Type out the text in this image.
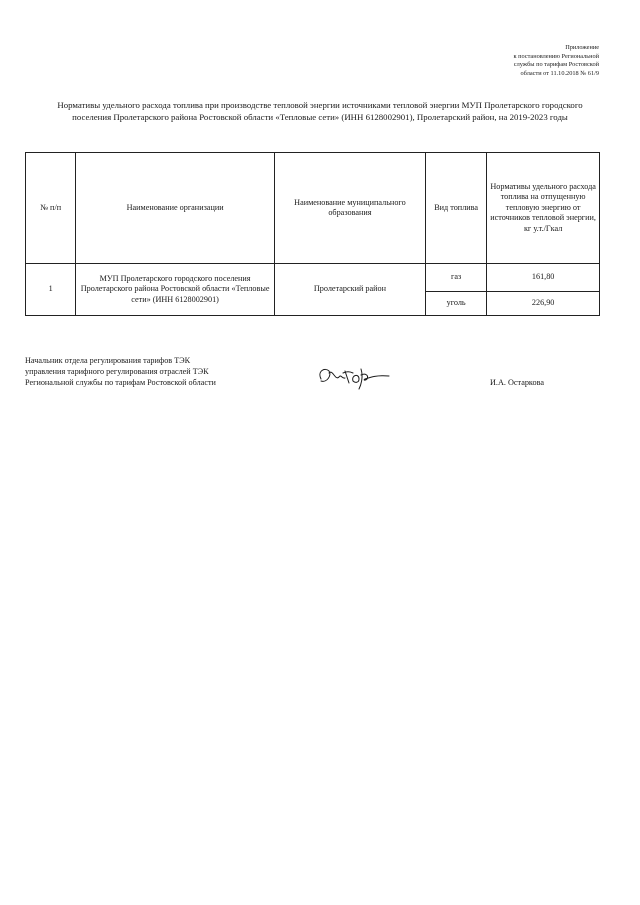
Приложение
к постановлению Региональной
службы по тарифам Ростовской
области от 11.10.2018 № 61/9
Нормативы удельного расхода топлива при производстве тепловой энергии источниками тепловой энергии МУП Пролетарского городского поселения Пролетарского района Ростовской области «Тепловые сети» (ИНН 6128002901), Пролетарский район, на 2019-2023 годы
№ п/п	Наименование организации	Наименование муниципального образования	Вид топлива	Нормативы удельного расхода топлива на отпущенную тепловую энергию от источников тепловой энергии, кг у.т./Гкал
1	МУП Пролетарского городского поселения Пролетарского района Ростовской области «Тепловые сети» (ИНН 6128002901)	Пролетарский район	газ	161,80
			уголь	226,90
Начальник отдела регулирования тарифов ТЭК
управления тарифного регулирования отраслей ТЭК
Региональной службы по тарифам Ростовской области	И.А. Остаркова
